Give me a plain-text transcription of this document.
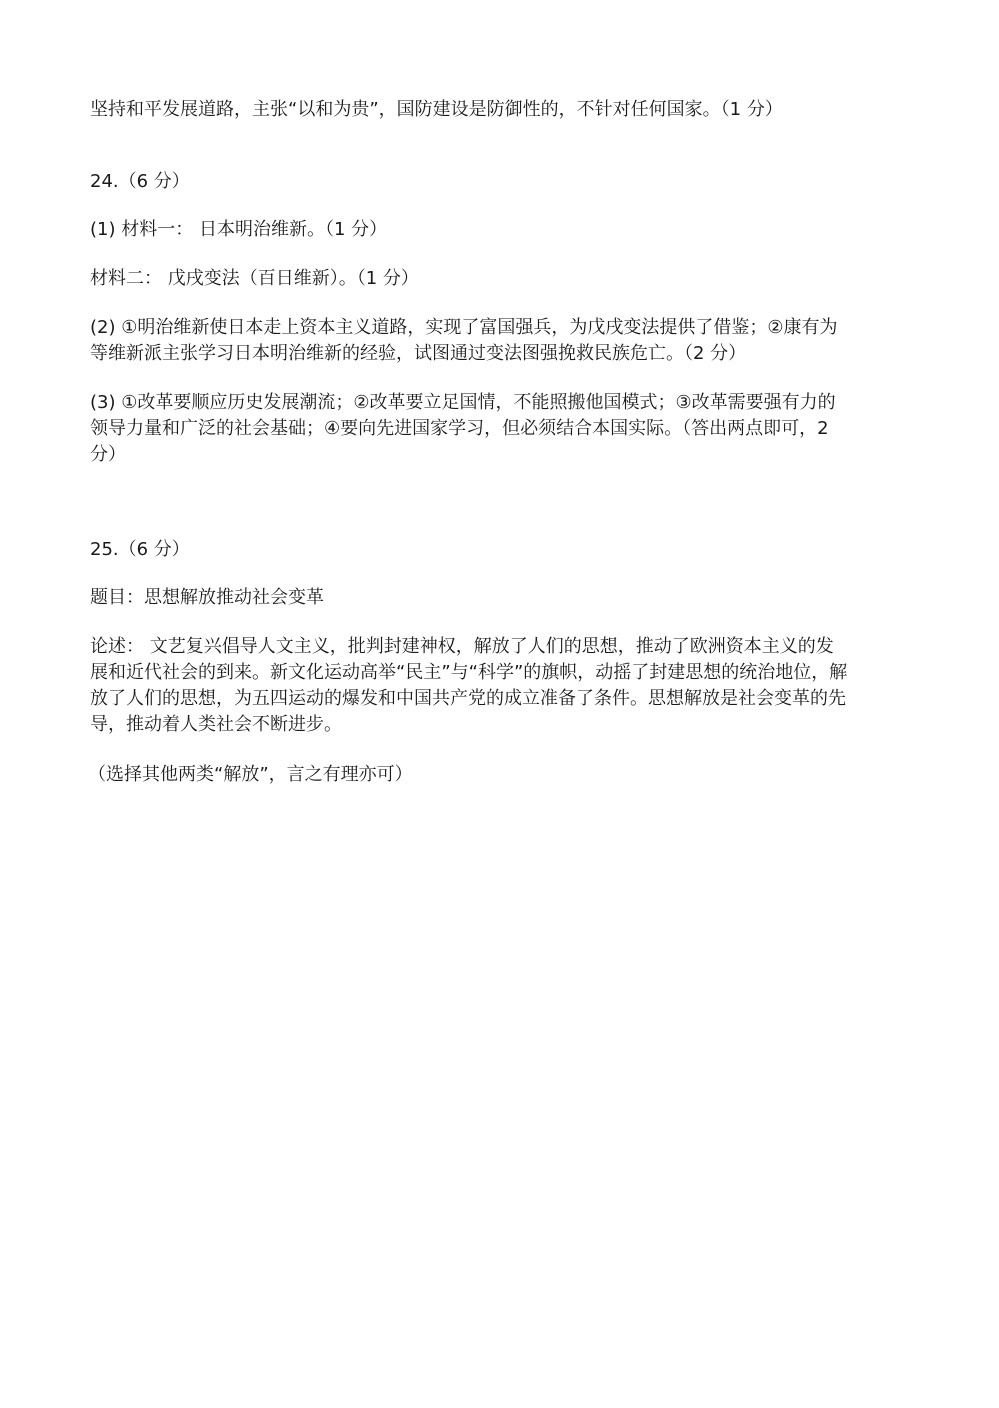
坚持和平发展道路，主张“以和为贵”，国防建设是防御性的，不针对任何国家。（1 分）
24.（6 分）
(1) 材料一： 日本明治维新。（1 分）
材料二： 戊戌变法（百日维新）。（1 分）
(2) ①明治维新使日本走上资本主义道路，实现了富国强兵，为戊戌变法提供了借鉴；②康有为
等维新派主张学习日本明治维新的经验，试图通过变法图强挽救民族危亡。（2 分）
(3) ①改革要顺应历史发展潮流；②改革要立足国情，不能照搬他国模式；③改革需要强有力的
领导力量和广泛的社会基础；④要向先进国家学习，但必须结合本国实际。（答出两点即可，2
分）
25.（6 分）
题目：思想解放推动社会变革
论述： 文艺复兴倡导人文主义，批判封建神权，解放了人们的思想，推动了欧洲资本主义的发
展和近代社会的到来。新文化运动高举“民主”与“科学”的旗帜，动摇了封建思想的统治地位，解
放了人们的思想，为五四运动的爆发和中国共产党的成立准备了条件。思想解放是社会变革的先
导，推动着人类社会不断进步。
（选择其他两类“解放”，言之有理亦可）
